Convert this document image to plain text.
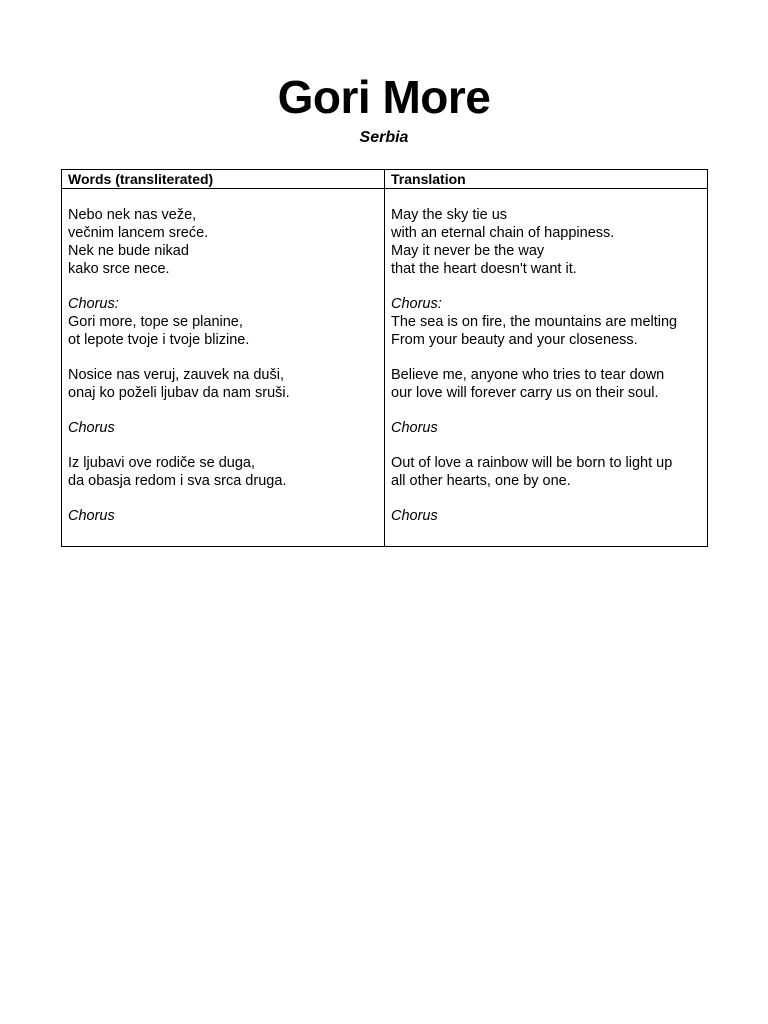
Gori More
Serbia
Words (transliterated)	Translation
Nebo nek nas veže,
večnim lancem sreće.
Nek ne bude nikad
kako srce nece.
Chorus:
Gori more, tope se planine,
ot lepote tvoje i tvoje blizine.
Nosice nas veruj, zauvek na duši,
onaj ko poželi ljubav da nam sruši.
Chorus
Iz ljubavi ove rodiče se duga,
da obasja redom i sva srca druga.
Chorus
May the sky tie us
with an eternal chain of happiness.
May it never be the way
that the heart doesn't want it.
Chorus:
The sea is on fire, the mountains are melting
From your beauty and your closeness.
Believe me, anyone who tries to tear down
our love will forever carry us on their soul.
Chorus
Out of love a rainbow will be born to light up
all other hearts, one by one.
Chorus
